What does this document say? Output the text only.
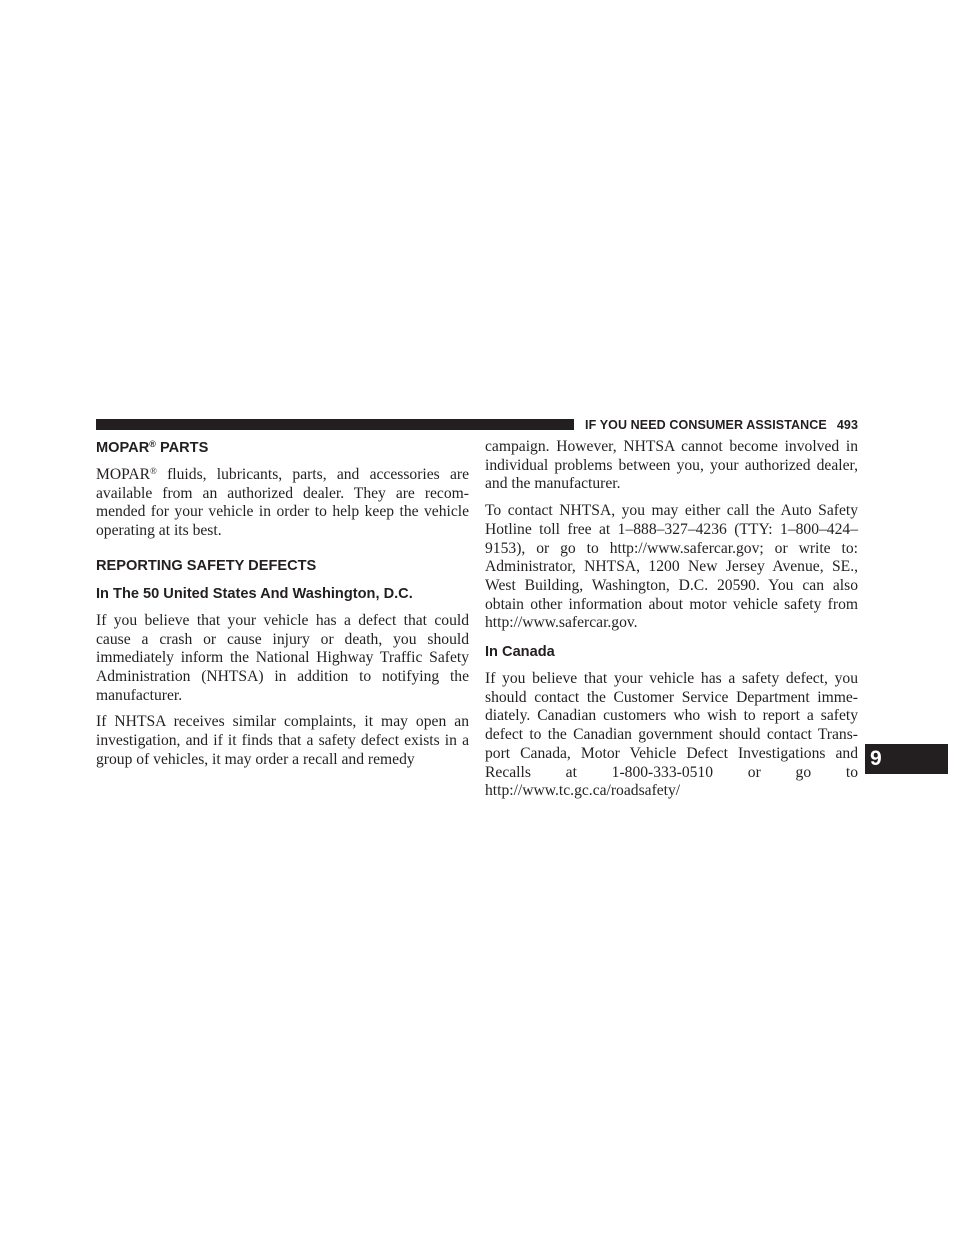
IF YOU NEED CONSUMER ASSISTANCE 493
MOPAR® PARTS

MOPAR® fluids, lubricants, parts, and accessories are available from an authorized dealer. They are recommended for your vehicle in order to help keep the vehicle operating at its best.

REPORTING SAFETY DEFECTS
In The 50 United States And Washington, D.C.

If you believe that your vehicle has a defect that could cause a crash or cause injury or death, you should immediately inform the National Highway Traffic Safety Administration (NHTSA) in addition to notifying the manufacturer.

If NHTSA receives similar complaints, it may open an investigation, and if it finds that a safety defect exists in a group of vehicles, it may order a recall and remedy

campaign. However, NHTSA cannot become involved in individual problems between you, your authorized dealer, and the manufacturer.

To contact NHTSA, you may either call the Auto Safety Hotline toll free at 1–888–327–4236 (TTY: 1–800–424–9153), or go to http://www.safercar.gov; or write to: Administrator, NHTSA, 1200 New Jersey Avenue, SE., West Building, Washington, D.C. 20590. You can also obtain other information about motor vehicle safety from http://www.safercar.gov.

In Canada

If you believe that your vehicle has a safety defect, you should contact the Customer Service Department immediately. Canadian customers who wish to report a safety defect to the Canadian government should contact Transport Canada, Motor Vehicle Defect Investigations and Recalls at 1-800-333-0510 or go to http://www.tc.gc.ca/roadsafety/

9
